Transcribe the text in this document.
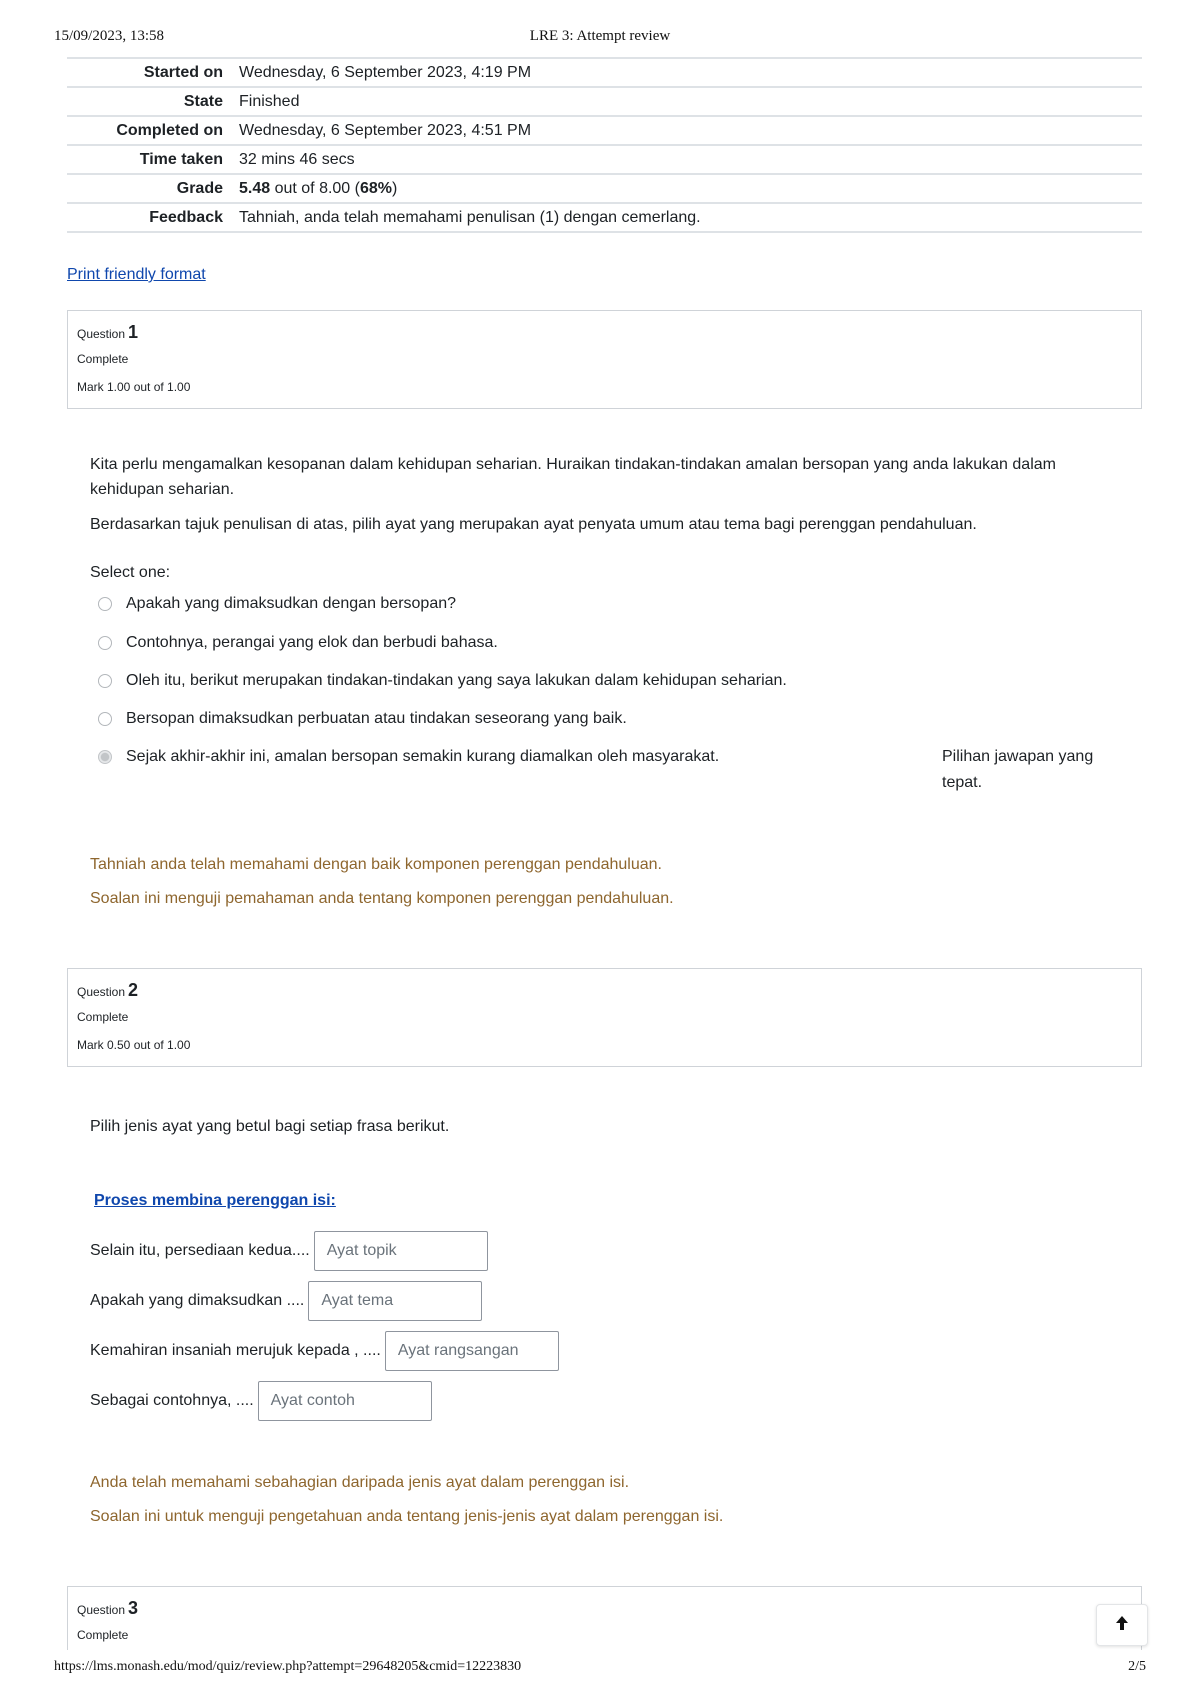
15/09/2023, 13:58	LRE 3: Attempt review
Started on	Wednesday, 6 September 2023, 4:19 PM
State	Finished
Completed on	Wednesday, 6 September 2023, 4:51 PM
Time taken	32 mins 46 secs
Grade	5.48 out of 8.00 (68%)
Feedback	Tahniah, anda telah memahami penulisan (1) dengan cemerlang.
Print friendly format
Question 1
Complete
Mark 1.00 out of 1.00
Kita perlu mengamalkan kesopanan dalam kehidupan seharian. Huraikan tindakan-tindakan amalan bersopan yang anda lakukan dalam kehidupan seharian.
Berdasarkan tajuk penulisan di atas, pilih ayat yang merupakan ayat penyata umum atau tema bagi perenggan pendahuluan.
Select one:
Apakah yang dimaksudkan dengan bersopan?
Contohnya, perangai yang elok dan berbudi bahasa.
Oleh itu, berikut merupakan tindakan-tindakan yang saya lakukan dalam kehidupan seharian.
Bersopan dimaksudkan perbuatan atau tindakan seseorang yang baik.
Sejak akhir-akhir ini, amalan bersopan semakin kurang diamalkan oleh masyarakat.	Pilihan jawapan yang tepat.
Tahniah anda telah memahami dengan baik komponen perenggan pendahuluan.
Soalan ini menguji pemahaman anda tentang komponen perenggan pendahuluan.
Question 2
Complete
Mark 0.50 out of 1.00
Pilih jenis ayat yang betul bagi setiap frasa berikut.
Proses membina perenggan isi:
Selain itu, persediaan kedua....	Ayat topik
Apakah yang dimaksudkan ....	Ayat tema
Kemahiran insaniah merujuk kepada , ....	Ayat rangsangan
Sebagai contohnya, ....	Ayat contoh
Anda telah memahami sebahagian daripada jenis ayat dalam perenggan isi.
Soalan ini untuk menguji pengetahuan anda tentang jenis-jenis ayat dalam perenggan isi.
Question 3
Complete
https://lms.monash.edu/mod/quiz/review.php?attempt=29648205&cmid=12223830	2/5
